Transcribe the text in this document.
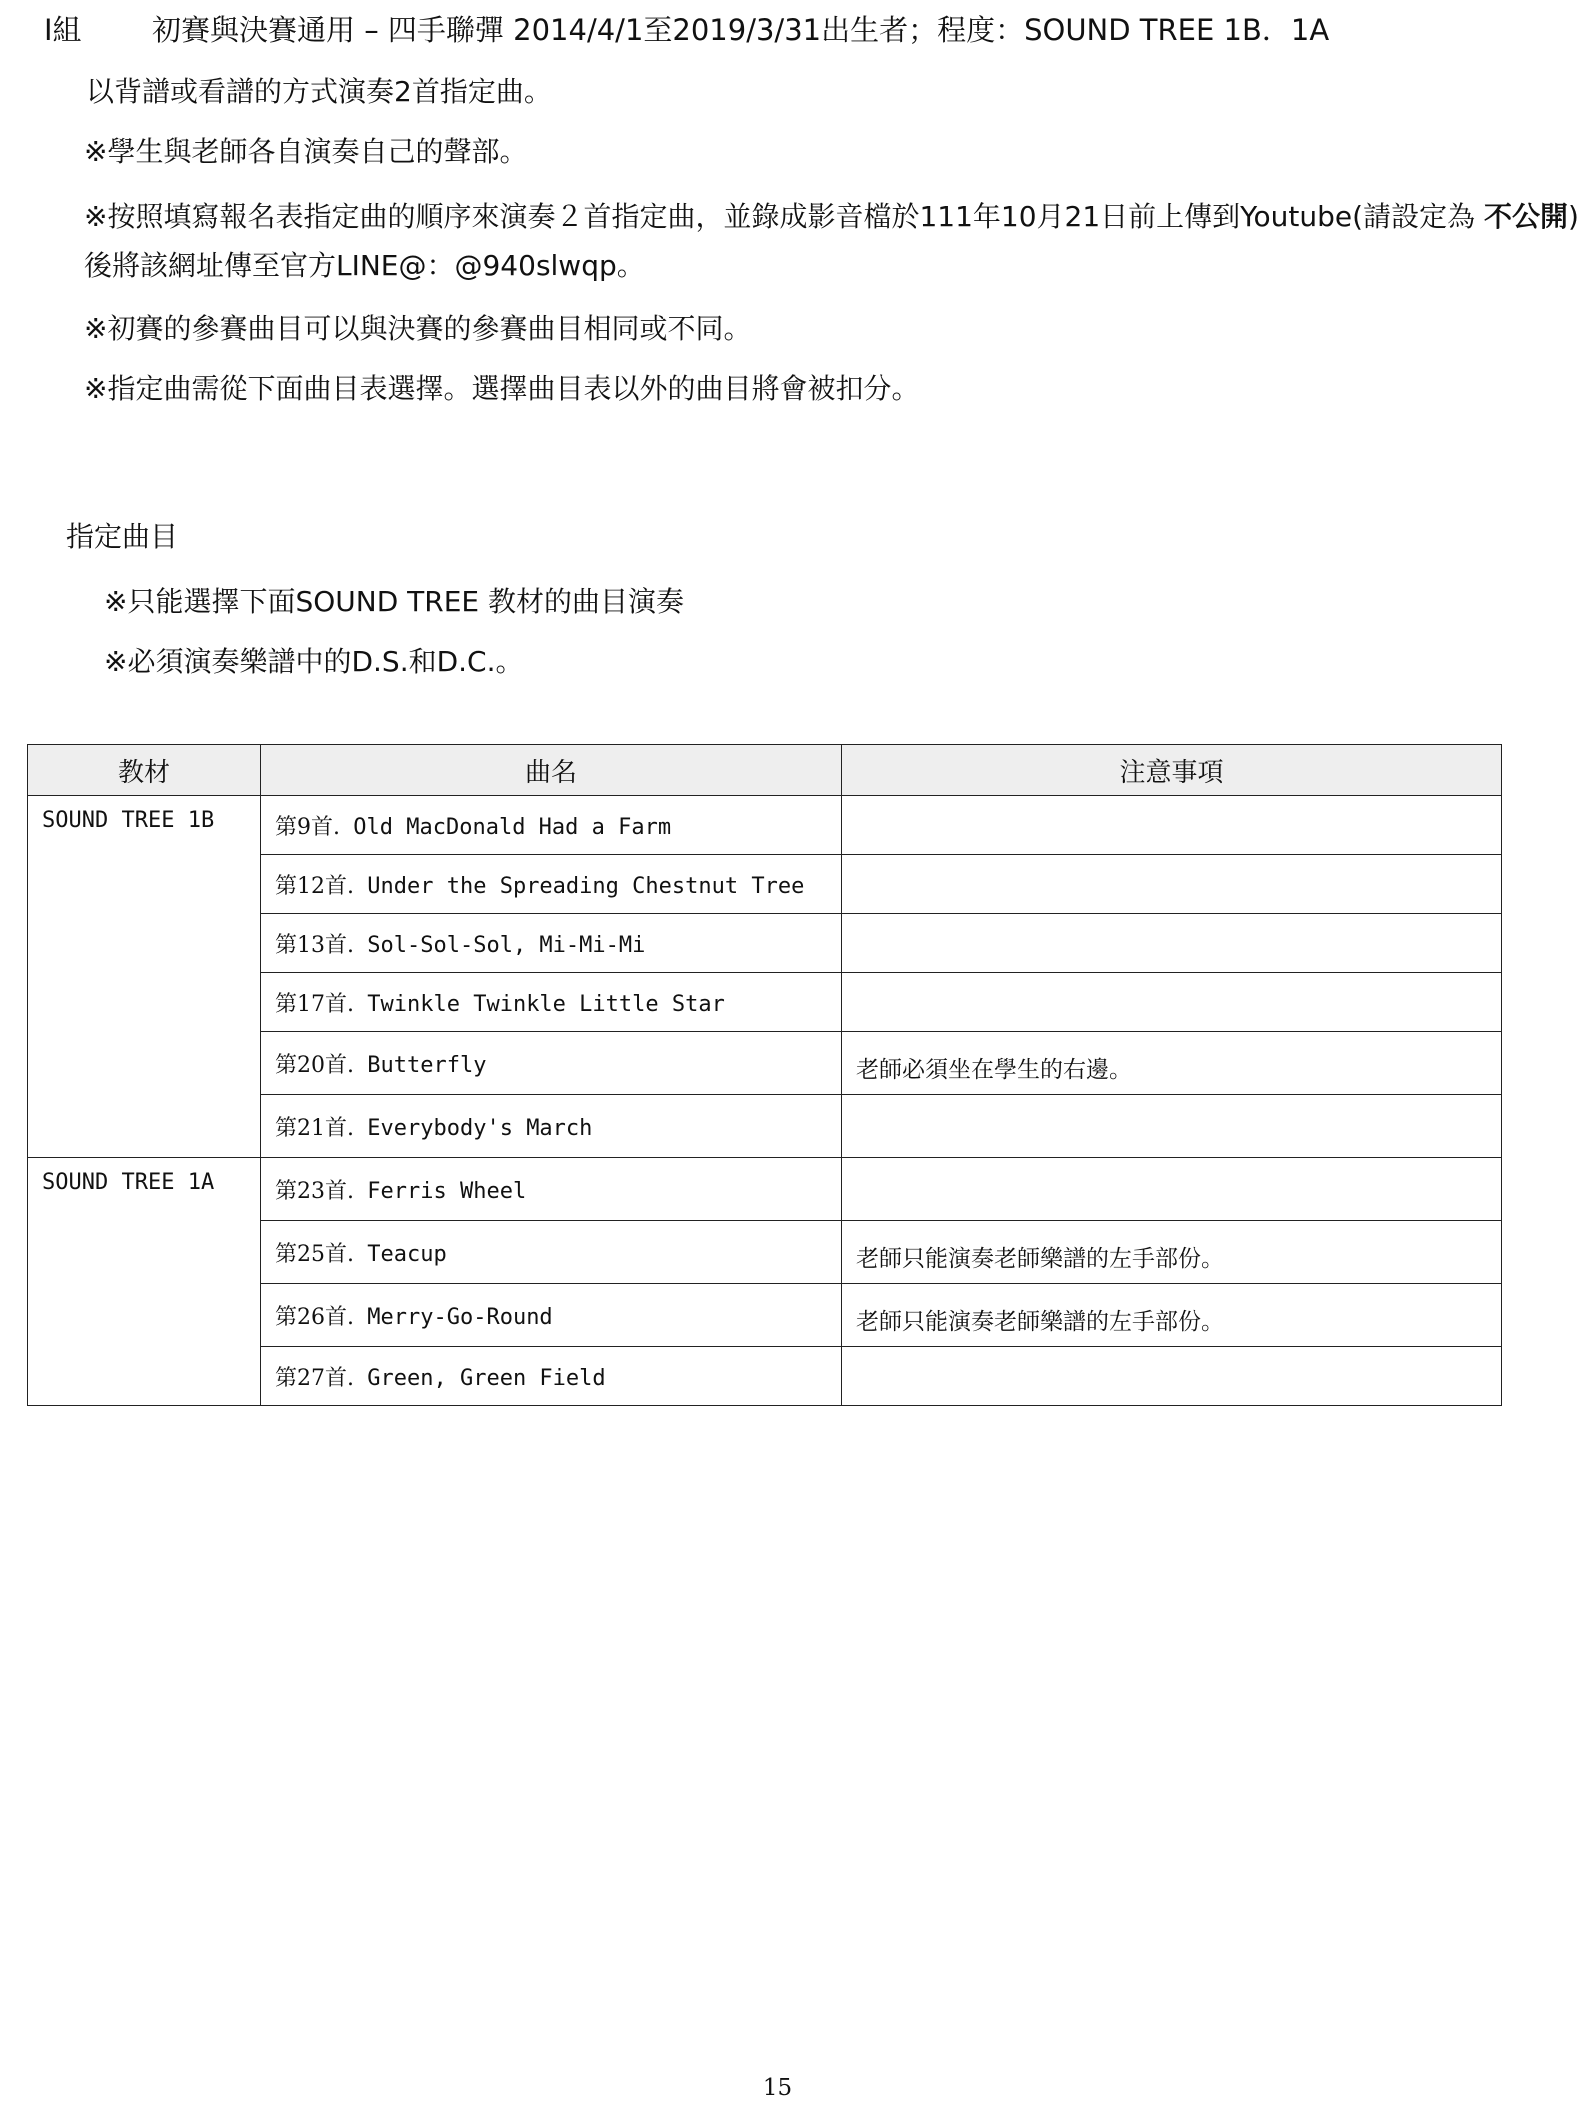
I組 初賽與決賽通用 – 四手聯彈 2014/4/1至2019/3/31出生者；程度：SOUND TREE 1B．1A
以背譜或看譜的方式演奏2首指定曲。
※學生與老師各自演奏自己的聲部。
※按照填寫報名表指定曲的順序來演奏２首指定曲，並錄成影音檔於111年10月21日前上傳到Youtube(請設定為 不公開)
後將該網址傳至官方LINE@：@940slwqp。
※初賽的參賽曲目可以與決賽的參賽曲目相同或不同。
※指定曲需從下面曲目表選擇。選擇曲目表以外的曲目將會被扣分。
指定曲目
※只能選擇下面SOUND TREE 教材的曲目演奏
※必須演奏樂譜中的D.S.和D.C.。
教材	曲名	注意事項
SOUND TREE 1B	第9首. Old MacDonald Had a Farm	
	第12首. Under the Spreading Chestnut Tree	
	第13首. Sol-Sol-Sol, Mi-Mi-Mi	
	第17首. Twinkle Twinkle Little Star	
	第20首. Butterfly	老師必須坐在學生的右邊。
	第21首. Everybody's March	
SOUND TREE 1A	第23首. Ferris Wheel	
	第25首. Teacup	老師只能演奏老師樂譜的左手部份。
	第26首. Merry-Go-Round	老師只能演奏老師樂譜的左手部份。
	第27首. Green, Green Field	
15
